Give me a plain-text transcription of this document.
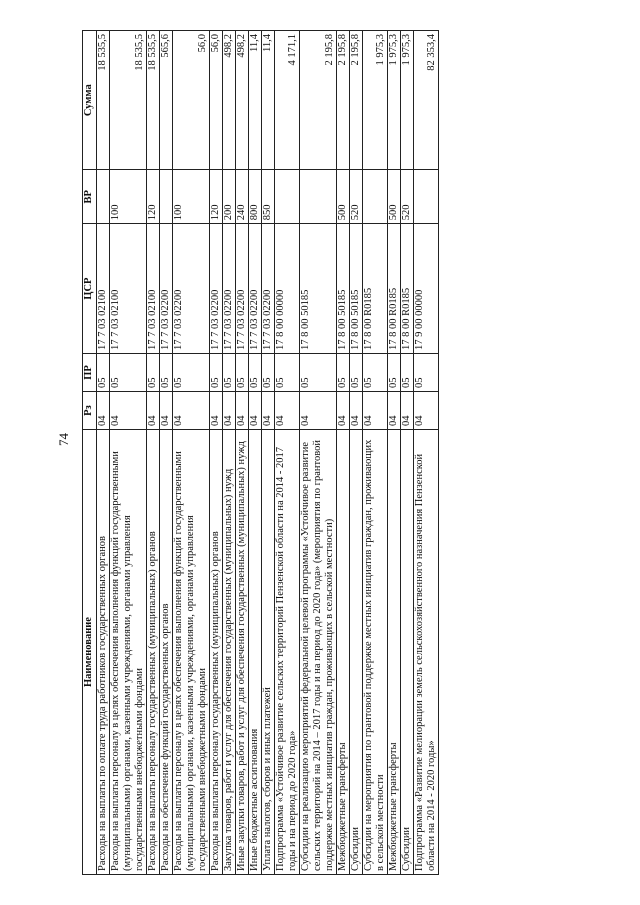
74
Наименование	Рз	ПР	ЦСР	ВР	Сумма
Расходы на выплаты по оплате труда работников государственных органов	04	05	17 7 03 02100		18 535,5
Расходы на выплаты персоналу в целях обеспечения выполнения функций государственными (муниципальными) органами, казенными учреждениями, органами управления государственными внебюджетными фондами	04	05	17 7 03 02100	100	18 535,5
Расходы на выплаты персоналу государственных (муниципальных) органов	04	05	17 7 03 02100	120	18 535,5
Расходы на обеспечение функций государственных органов	04	05	17 7 03 02200		565,6
Расходы на выплаты персоналу в целях обеспечения выполнения функций государственными (муниципальными) органами, казенными учреждениями, органами управления государственными внебюджетными фондами	04	05	17 7 03 02200	100	56,0
Расходы на выплаты персоналу государственных (муниципальных) органов	04	05	17 7 03 02200	120	56,0
Закупка товаров, работ и услуг для обеспечения государственных (муниципальных) нужд	04	05	17 7 03 02200	200	498,2
Иные закупки товаров, работ и услуг для обеспечения государственных (муниципальных) нужд	04	05	17 7 03 02200	240	498,2
Иные бюджетные ассигнования	04	05	17 7 03 02200	800	11,4
Уплата налогов, сборов и иных платежей	04	05	17 7 03 02200	850	11,4
Подпрограмма «Устойчивое развитие сельских территорий Пензенской области на 2014 - 2017 годы и на период до 2020 года»	04	05	17 8 00 00000		4 171,1
Субсидии на реализацию мероприятий федеральной целевой программы «Устойчивое развитие сельских территорий на 2014 – 2017 годы и на период до 2020 года» (мероприятия по грантовой поддержке местных инициатив граждан, проживающих в сельской местности)	04	05	17 8 00 50185		2 195,8
Межбюджетные трансферты	04	05	17 8 00 50185	500	2 195,8
Субсидии	04	05	17 8 00 50185	520	2 195,8
Субсидии на мероприятия по грантовой поддержке местных инициатив граждан, проживающих в сельской местности	04	05	17 8 00 R0185		1 975,3
Межбюджетные трансферты	04	05	17 8 00 R0185	500	1 975,3
Субсидии	04	05	17 8 00 R0185	520	1 975,3
Подпрограмма «Развитие мелиорации земель сельскохозяйственного назначения Пензенской области на 2014 - 2020 годы»	04	05	17 9 00 00000		82 353,4
